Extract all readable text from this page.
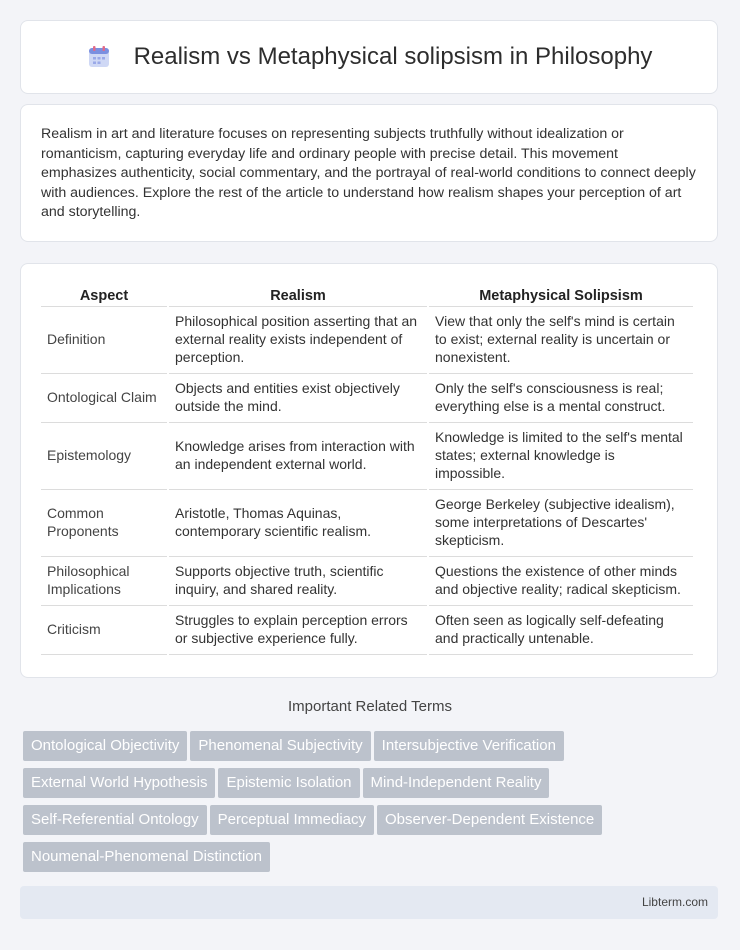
Realism vs Metaphysical solipsism in Philosophy

Realism in art and literature focuses on representing subjects truthfully without idealization or romanticism, capturing everyday life and ordinary people with precise detail. This movement emphasizes authenticity, social commentary, and the portrayal of real-world conditions to connect deeply with audiences. Explore the rest of the article to understand how realism shapes your perception of art and storytelling.

Aspect	Realism	Metaphysical Solipsism
Definition	Philosophical position asserting that an external reality exists independent of perception.	View that only the self's mind is certain to exist; external reality is uncertain or nonexistent.
Ontological Claim	Objects and entities exist objectively outside the mind.	Only the self's consciousness is real; everything else is a mental construct.
Epistemology	Knowledge arises from interaction with an independent external world.	Knowledge is limited to the self's mental states; external knowledge is impossible.
Common Proponents	Aristotle, Thomas Aquinas, contemporary scientific realism.	George Berkeley (subjective idealism), some interpretations of Descartes' skepticism.
Philosophical Implications	Supports objective truth, scientific inquiry, and shared reality.	Questions the existence of other minds and objective reality; radical skepticism.
Criticism	Struggles to explain perception errors or subjective experience fully.	Often seen as logically self-defeating and practically untenable.
Important Related Terms
Ontological Objectivity Phenomenal Subjectivity Intersubjective Verification
External World Hypothesis Epistemic Isolation Mind-Independent Reality
Self-Referential Ontology Perceptual Immediacy Observer-Dependent Existence
Noumenal-Phenomenal Distinction
Libterm.com
